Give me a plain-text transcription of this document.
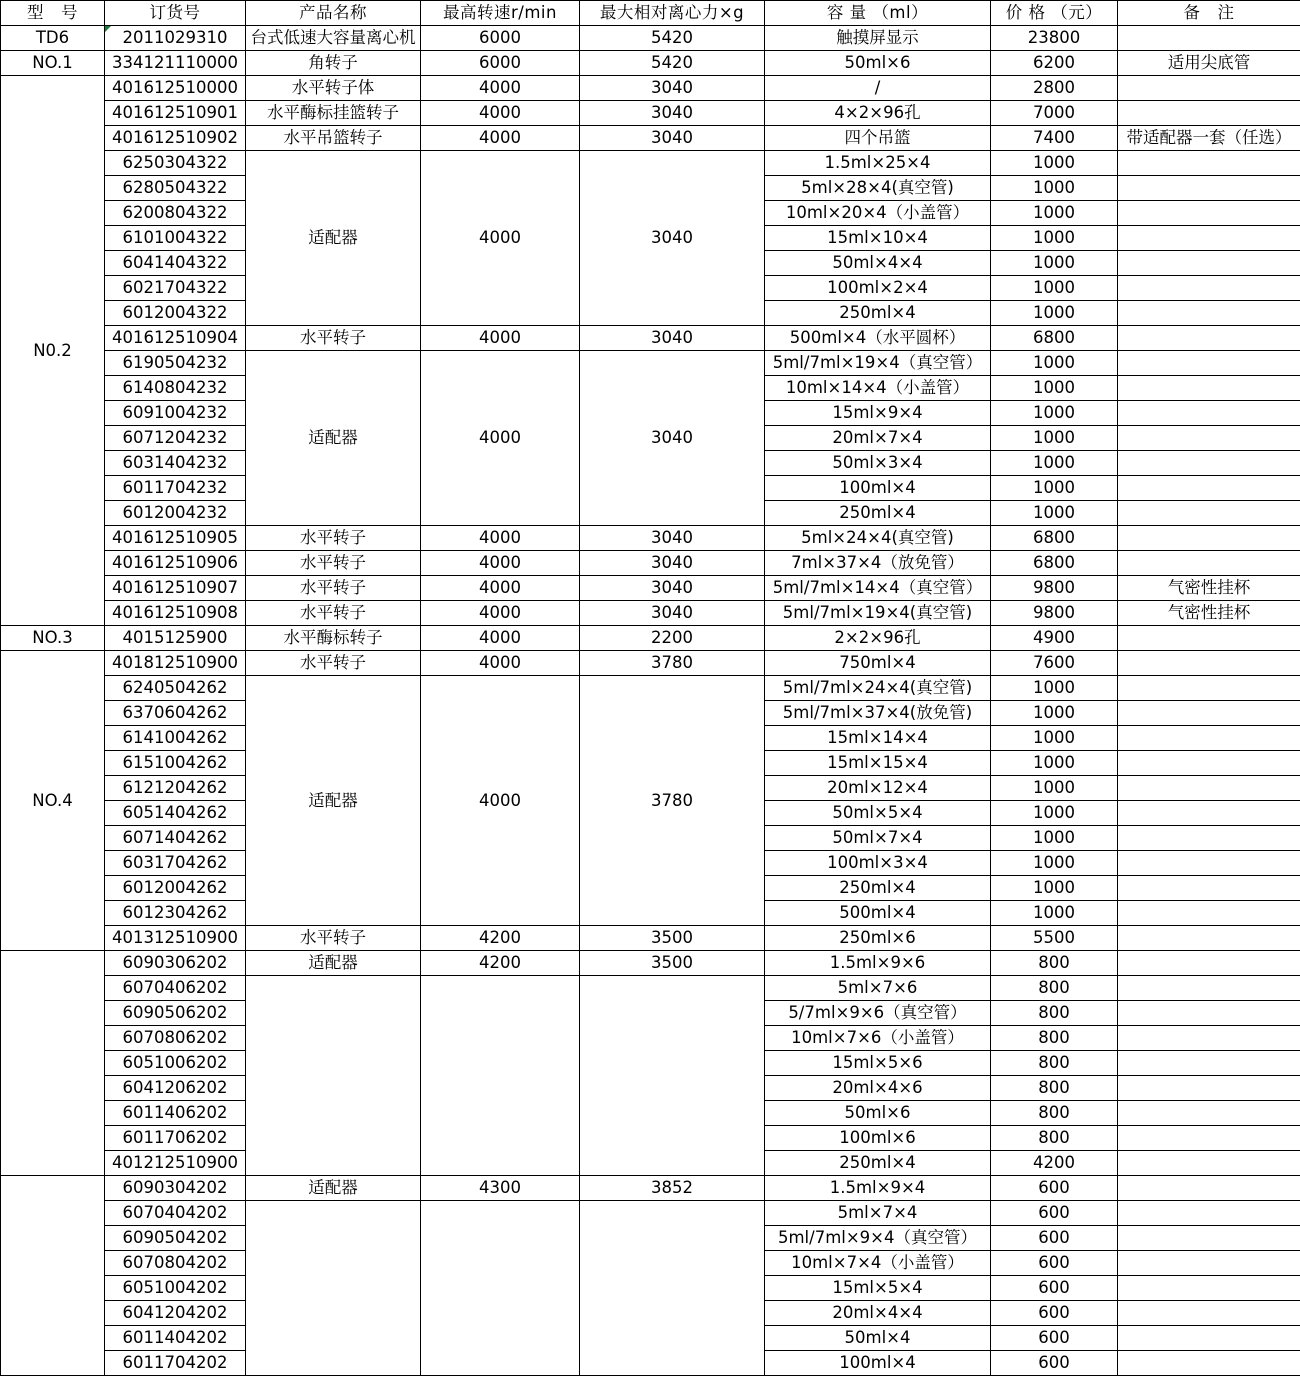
型　号	订货号	产品名称	最高转速r/min	最大相对离心力×g	容 量 （ml）	价 格 （元）	备　注
TD6	2011029310	台式低速大容量离心机	6000	5420	触摸屏显示	23800	
NO.1	334121110000	角转子	6000	5420	50ml×6	6200	适用尖底管
N0.2	401612510000	水平转子体	4000	3040	/	2800	
	401612510901	水平酶标挂篮转子	4000	3040	4×2×96孔	7000	
	401612510902	水平吊篮转子	4000	3040	四个吊篮	7400	带适配器一套（任选）
	6250304322	适配器	4000	3040	1.5ml×25×4	1000	
	6280504322				5ml×28×4(真空管)	1000	
	6200804322				10ml×20×4（小盖管）	1000	
	6101004322				15ml×10×4	1000	
	6041404322				50ml×4×4	1000	
	6021704322				100ml×2×4	1000	
	6012004322				250ml×4	1000	
	401612510904	水平转子	4000	3040	500ml×4（水平圆杯）	6800	
	6190504232	适配器	4000	3040	5ml/7ml×19×4（真空管）	1000	
	6140804232				10ml×14×4（小盖管）	1000	
	6091004232				15ml×9×4	1000	
	6071204232				20ml×7×4	1000	
	6031404232				50ml×3×4	1000	
	6011704232				100ml×4	1000	
	6012004232				250ml×4	1000	
	401612510905	水平转子	4000	3040	5ml×24×4(真空管)	6800	
	401612510906	水平转子	4000	3040	7ml×37×4（放免管）	6800	
	401612510907	水平转子	4000	3040	5ml/7ml×14×4（真空管）	9800	气密性挂杯
	401612510908	水平转子	4000	3040	5ml/7ml×19×4(真空管)	9800	气密性挂杯
NO.3	4015125900	水平酶标转子	4000	2200	2×2×96孔	4900	
NO.4	401812510900	水平转子	4000	3780	750ml×4	7600	
	6240504262	适配器	4000	3780	5ml/7ml×24×4(真空管)	1000	
	6370604262				5ml/7ml×37×4(放免管)	1000	
	6141004262				15ml×14×4	1000	
	6151004262				15ml×15×4	1000	
	6121204262				20ml×12×4	1000	
	6051404262				50ml×5×4	1000	
	6071404262				50ml×7×4	1000	
	6031704262				100ml×3×4	1000	
	6012004262				250ml×4	1000	
	6012304262				500ml×4	1000	
	401312510900	水平转子	4200	3500	250ml×6	5500	
	6090306202	适配器	4200	3500	1.5ml×9×6	800	
	6070406202				5ml×7×6	800	
	6090506202				5/7ml×9×6（真空管）	800	
	6070806202				10ml×7×6（小盖管）	800	
	6051006202				15ml×5×6	800	
	6041206202				20ml×4×6	800	
	6011406202				50ml×6	800	
	6011706202				100ml×6	800	
	401212510900				250ml×4	4200	
	6090304202	适配器	4300	3852	1.5ml×9×4	600	
	6070404202				5ml×7×4	600	
	6090504202				5ml/7ml×9×4（真空管）	600	
	6070804202				10ml×7×4（小盖管）	600	
	6051004202				15ml×5×4	600	
	6041204202				20ml×4×4	600	
	6011404202				50ml×4	600	
	6011704202				100ml×4	600	
